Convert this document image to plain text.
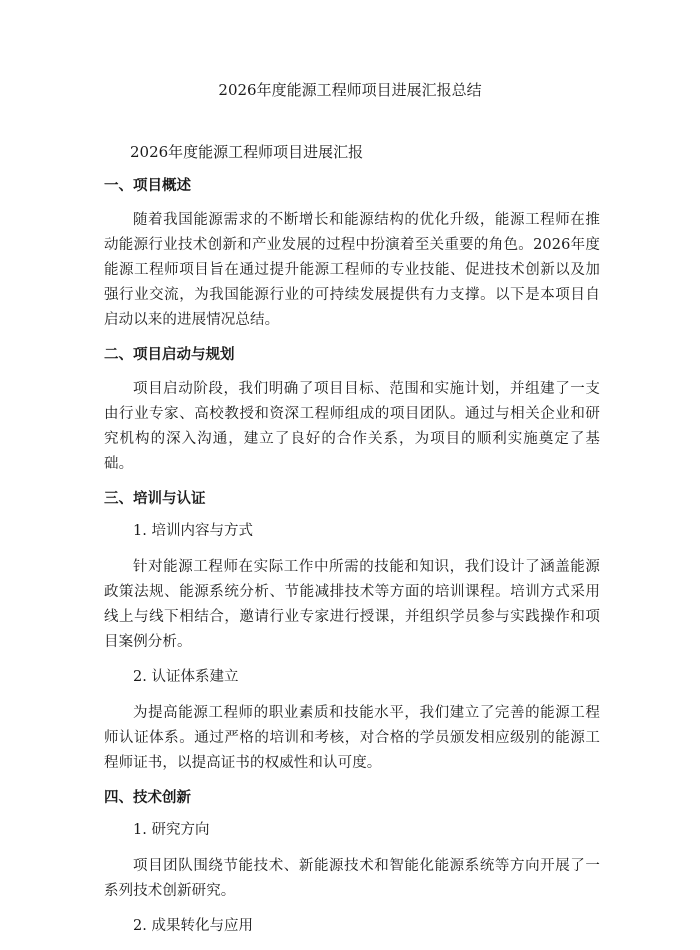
2026年度能源工程师项目进展汇报总结
2026年度能源工程师项目进展汇报
一、项目概述

随着我国能源需求的不断增长和能源结构的优化升级，能源工程师在推动能源行业技术创新和产业发展的过程中扮演着至关重要的角色。2026年度能源工程师项目旨在通过提升能源工程师的专业技能、促进技术创新以及加强行业交流，为我国能源行业的可持续发展提供有力支撑。以下是本项目自启动以来的进展情况总结。

二、项目启动与规划

项目启动阶段，我们明确了项目目标、范围和实施计划，并组建了一支由行业专家、高校教授和资深工程师组成的项目团队。通过与相关企业和研究机构的深入沟通，建立了良好的合作关系，为项目的顺利实施奠定了基础。

三、培训与认证
1. 培训内容与方式

针对能源工程师在实际工作中所需的技能和知识，我们设计了涵盖能源政策法规、能源系统分析、节能减排技术等方面的培训课程。培训方式采用线上与线下相结合，邀请行业专家进行授课，并组织学员参与实践操作和项目案例分析。

2. 认证体系建立

为提高能源工程师的职业素质和技能水平，我们建立了完善的能源工程师认证体系。通过严格的培训和考核，对合格的学员颁发相应级别的能源工程师证书，以提高证书的权威性和认可度。

四、技术创新
1. 研究方向

项目团队围绕节能技术、新能源技术和智能化能源系统等方向开展了一系列技术创新研究。

2. 成果转化与应用
